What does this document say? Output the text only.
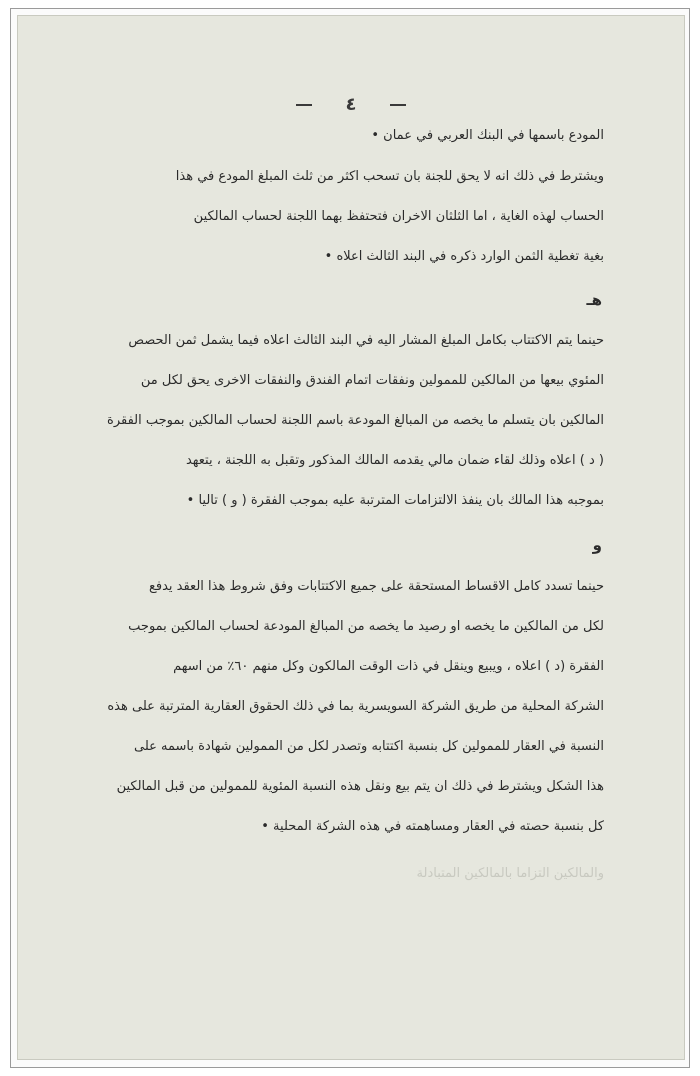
٤
المودع باسمها في البنك العربي في عمان •
ويشترط في ذلك انه لا يحق للجنة بان تسحب اكثر من ثلث المبلغ المودع في هذا
الحساب لهذه الغاية ، اما الثلثان الاخران فتحتفظ بهما اللجنة لحساب المالكين
بغية تغطية الثمن الوارد ذكره في البند الثالث اعلاه •
هـ
حينما يتم الاكتتاب بكامل المبلغ المشار اليه في البند الثالث اعلاه فيما يشمل ثمن الحصص
المئوي بيعها من المالكين للممولين ونفقات اتمام الفندق والنفقات الاخرى يحق لكل من
المالكين بان يتسلم ما يخصه من المبالغ المودعة باسم اللجنة لحساب المالكين بموجب الفقرة
( د ) اعلاه وذلك لقاء ضمان مالي يقدمه المالك المذكور وتقبل به اللجنة ، يتعهد
بموجبه هذا المالك بان ينفذ الالتزامات المترتبة عليه بموجب الفقرة ( و ) تاليا •
و
حينما تسدد كامل الاقساط المستحقة على جميع الاكتتابات وفق شروط هذا العقد يدفع
لكل من المالكين ما يخصه او رصيد ما يخصه من المبالغ المودعة لحساب المالكين بموجب
الفقرة (د ) اعلاه ، ويبيع وينقل في ذات الوقت المالكون وكل منهم ٦٠٪ من اسهم
الشركة المحلية من طريق الشركة السويسرية بما في ذلك الحقوق العقارية المترتبة على هذه
النسبة في العقار للممولين كل بنسبة اكتتابه وتصدر لكل من الممولين شهادة باسمه على
هذا الشكل ويشترط في ذلك ان يتم بيع ونقل هذه النسبة المئوية للممولين من قبل المالكين
كل بنسبة حصته في العقار ومساهمته في هذه الشركة المحلية •
والمالكين التزاما بالمالكين المتبادلة
